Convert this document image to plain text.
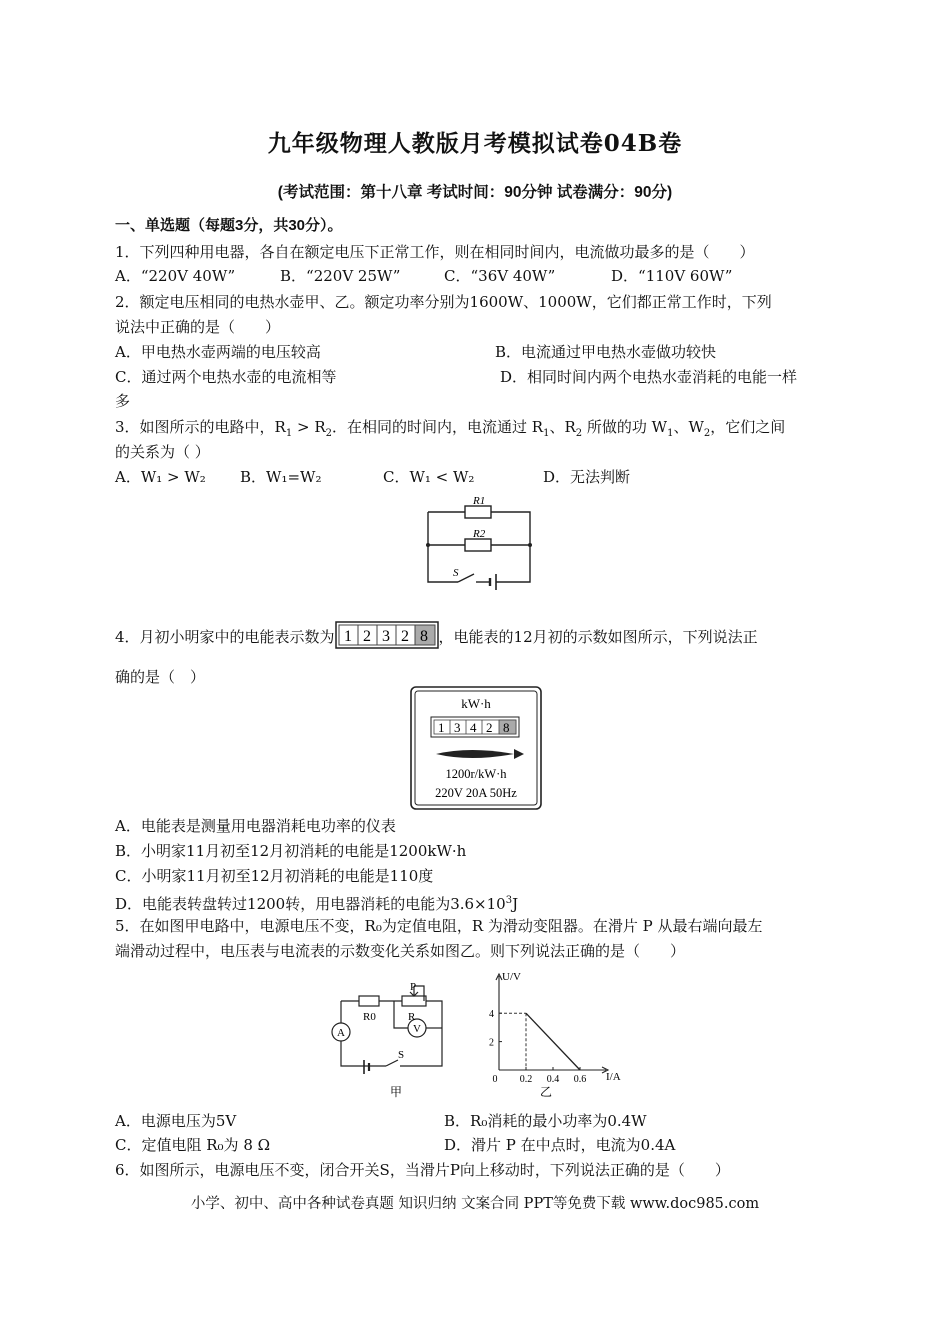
九年级物理人教版月考模拟试卷04B卷
(考试范围：第十八章 考试时间：90分钟 试卷满分：90分)
一、单选题（每题3分，共30分）。
1．下列四种用电器，各自在额定电压下正常工作，则在相同时间内，电流做功最多的是（　　）
A．“220V 40W”	B．“220V 25W”	C．“36V 40W”	D．“110V 60W”
2．额定电压相同的电热水壶甲、乙。额定功率分别为1600W、1000W，它们都正常工作时，下列
说法中正确的是（　　）
A．甲电热水壶两端的电压较高	B．电流通过甲电热水壶做功较快
C．通过两个电热水壶的电流相等	D．相同时间内两个电热水壶消耗的电能一样
多
3．如图所示的电路中，$R_1 > R_2$．在相同的时间内，电流通过 $R_1$、$R_2$ 所做的功 $W_1$、$W_2$，它们之间
的关系为（ ）
A．W₁ > W₂ B．W₁=W₂	C．W₁ < W₂	D．无法判断
R1
R2
S
4．月初小明家中的电能表示数为 1 2 3 2 8 ，电能表的12月初的示数如图所示，下列说法正
确的是（　）
kW·h
1 3 4 2 8
1200r/kW·h
220V 20A 50Hz
A．电能表是测量用电器消耗电功率的仪表
B．小明家11月初至12月初消耗的电能是1200kW·h
C．小明家11月初至12月初消耗的电能是110度
D．电能表转盘转过1200转，用电器消耗的电能为$3.6\times 10^3J$
5．在如图甲电路中，电源电压不变，R₀为定值电阻，R 为滑动变阻器。在滑片 P 从最右端向最左
端滑动过程中，电压表与电流表的示数变化关系如图乙。则下列说法正确的是（　　）
A	V
P
R0	R
S
甲
0 0.2 0.4 0.6
2
4
U/V
I/A
乙
A．电源电压为5V	B．R₀消耗的最小功率为0.4W
C．定值电阻 R₀为 8 Ω	D．滑片 P 在中点时，电流为0.4A
6．如图所示，电源电压不变，闭合开关S，当滑片P向上移动时，下列说法正确的是（　　）
小学、初中、高中各种试卷真题 知识归纳 文案合同 PPT等免费下载 www.doc985.com
